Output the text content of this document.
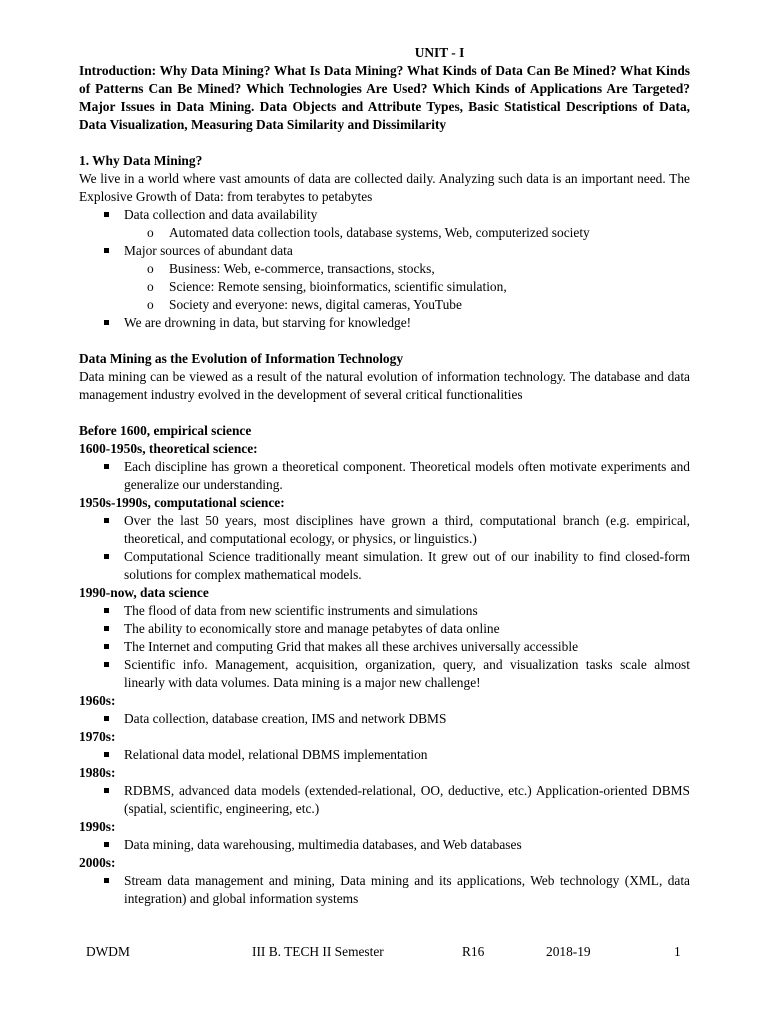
UNIT - I

Introduction: Why Data Mining? What Is Data Mining? What Kinds of Data Can Be Mined? What Kinds of Patterns Can Be Mined? Which Technologies Are Used? Which Kinds of Applications Are Targeted? Major Issues in Data Mining. Data Objects and Attribute Types, Basic Statistical Descriptions of Data, Data Visualization, Measuring Data Similarity and Dissimilarity

1. Why Data Mining?

We live in a world where vast amounts of data are collected daily. Analyzing such data is an important need. The Explosive Growth of Data: from terabytes to petabytes

Data collection and data availability
o Automated data collection tools, database systems, Web, computerized society
Major sources of abundant data
o Business: Web, e-commerce, transactions, stocks,
o Science: Remote sensing, bioinformatics, scientific simulation,
o Society and everyone: news, digital cameras, YouTube
We are drowning in data, but starving for knowledge!

Data Mining as the Evolution of Information Technology

Data mining can be viewed as a result of the natural evolution of information technology. The database and data management industry evolved in the development of several critical functionalities

Before 1600, empirical science

1600-1950s, theoretical science:

Each discipline has grown a theoretical component. Theoretical models often motivate experiments and generalize our understanding.

1950s-1990s, computational science:

Over the last 50 years, most disciplines have grown a third, computational branch (e.g. empirical, theoretical, and computational ecology, or physics, or linguistics.)
Computational Science traditionally meant simulation. It grew out of our inability to find closed-form solutions for complex mathematical models.

1990-now, data science

The flood of data from new scientific instruments and simulations
The ability to economically store and manage petabytes of data online
The Internet and computing Grid that makes all these archives universally accessible
Scientific info. Management, acquisition, organization, query, and visualization tasks scale almost linearly with data volumes. Data mining is a major new challenge!

1960s:

Data collection, database creation, IMS and network DBMS

1970s:

Relational data model, relational DBMS implementation

1980s:

RDBMS, advanced data models (extended-relational, OO, deductive, etc.) Application-oriented DBMS (spatial, scientific, engineering, etc.)

1990s:

Data mining, data warehousing, multimedia databases, and Web databases

2000s:

Stream data management and mining, Data mining and its applications, Web technology (XML, data integration) and global information systems
DWDM	III B. TECH II Semester	R16	2018-19	1
